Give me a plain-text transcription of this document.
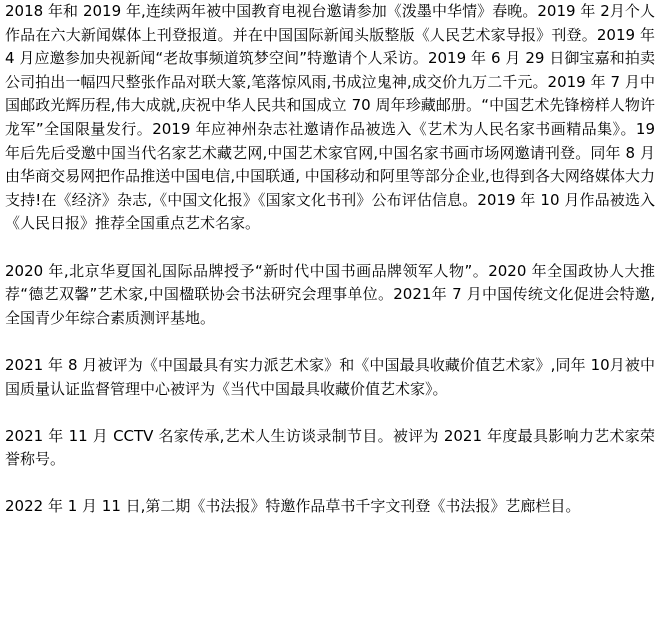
2018 年和 2019 年,连续两年被中国教育电视台邀请参加《泼墨中华情》春晚。2019 年 2月个人作品在六大新闻媒体上刊登报道。并在中国国际新闻头版整版《人民艺术家导报》刊登。2019 年 4 月应邀参加央视新闻“老故事频道筑梦空间”特邀请个人采访。2019 年 6 月 29 日御宝嘉和拍卖公司拍出一幅四尺整张作品对联大篆,笔落惊风雨,书成泣鬼神,成交价九万二千元。2019 年 7 月中国邮政光辉历程,伟大成就,庆祝中华人民共和国成立 70 周年珍藏邮册。“中国艺术先锋榜样人物许龙军”全国限量发行。2019 年应神州杂志社邀请作品被选入《艺术为人民名家书画精品集》。19 年后先后受邀中国当代名家艺术藏艺网,中国艺术家官网,中国名家书画市场网邀请刊登。同年 8 月由华商交易网把作品推送中国电信,中国联通, 中国移动和阿里等部分企业,也得到各大网络媒体大力支持!在《经济》杂志,《中国文化报》《国家文化书刊》公布评估信息。2019 年 10 月作品被选入《人民日报》推荐全国重点艺术名家。

2020 年,北京华夏国礼国际品牌授予“新时代中国书画品牌领军人物”。2020 年全国政协人大推荐“德艺双馨”艺术家,中国楹联协会书法研究会理事单位。2021年 7 月中国传统文化促进会特邀,全国青少年综合素质测评基地。

2021 年 8 月被评为《中国最具有实力派艺术家》和《中国最具收藏价值艺术家》,同年 10月被中国质量认证监督管理中心被评为《当代中国最具收藏价值艺术家》。

2021 年 11 月 CCTV 名家传承,艺术人生访谈录制节目。被评为 2021 年度最具影响力艺术家荣誉称号。

2022 年 1 月 11 日,第二期《书法报》特邀作品草书千字文刊登《书法报》艺廊栏目。
